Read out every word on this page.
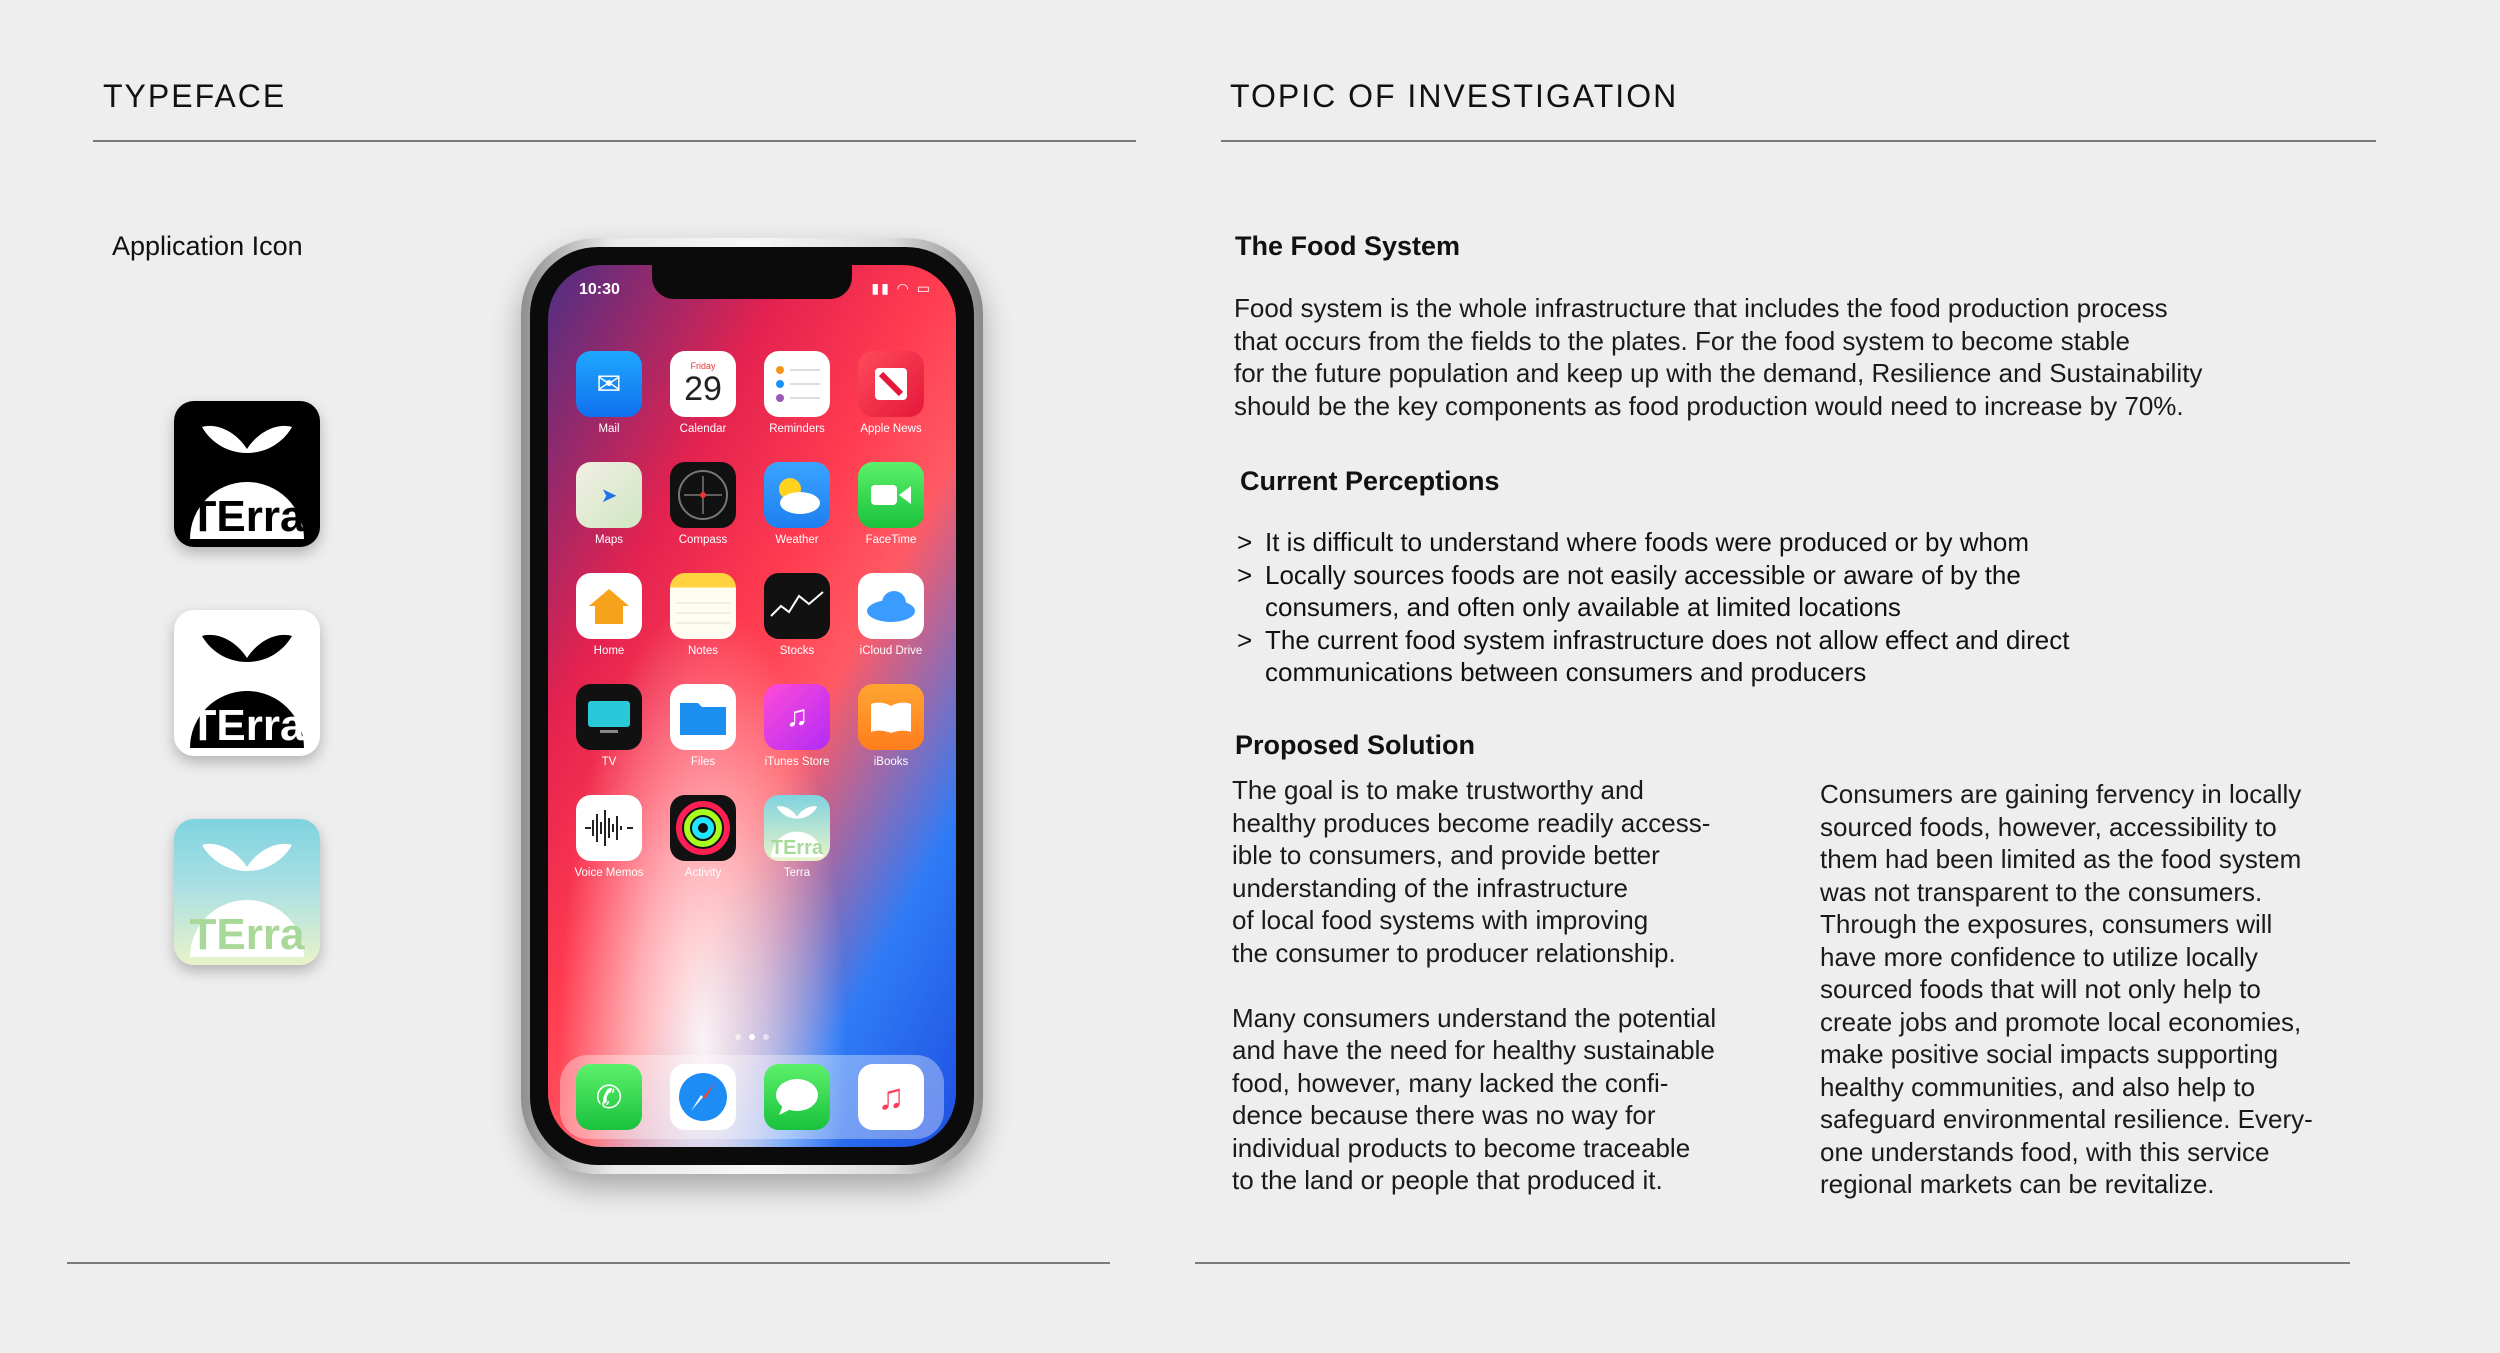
TYPEFACE	TOPIC OF INVESTIGATION
Application Icon
TErra
TErra
TErra
10:30	▮▮ ◠ ▭
✉
Mail
Friday
29
Calendar	Reminders	Apple News
➤
Maps	Compass	Weather	FaceTime
Home	Notes	Stocks	iCloud Drive
TV	Files
♫
iTunes Store	iBooks
Voice Memos	Activity
TErra
Terra
✆	♫
The Food System

Food system is the whole infrastructure that includes the food production process

that occurs from the fields to the plates. For the food system to become stable

for the future population and keep up with the demand, Resilience and Sustainability

should be the key components as food production would need to increase by 70%.

Current Perceptions
> It is difficult to understand where foods were produced or by whom
> Locally sources foods are not easily accessible or aware of by the consumers, and often only available at limited locations
> The current food system infrastructure does not allow effect and direct communications between consumers and producers
Proposed Solution

The goal is to make trustworthy and

healthy produces become readily access-

ible to consumers, and provide better

understanding of the infrastructure

of local food systems with improving

the consumer to producer relationship.

Many consumers understand the potential

and have the need for healthy sustainable

food, however, many lacked the confi-

dence because there was no way for

individual products to become traceable

to the land or people that produced it.

Consumers are gaining fervency in locally

sourced foods, however, accessibility to

them had been limited as the food system

was not transparent to the consumers.

Through the exposures, consumers will

have more confidence to utilize locally

sourced foods that will not only help to

create jobs and promote local economies,

make positive social impacts supporting

healthy communities, and also help to

safeguard environmental resilience. Every-

one understands food, with this service

regional markets can be revitalize.
